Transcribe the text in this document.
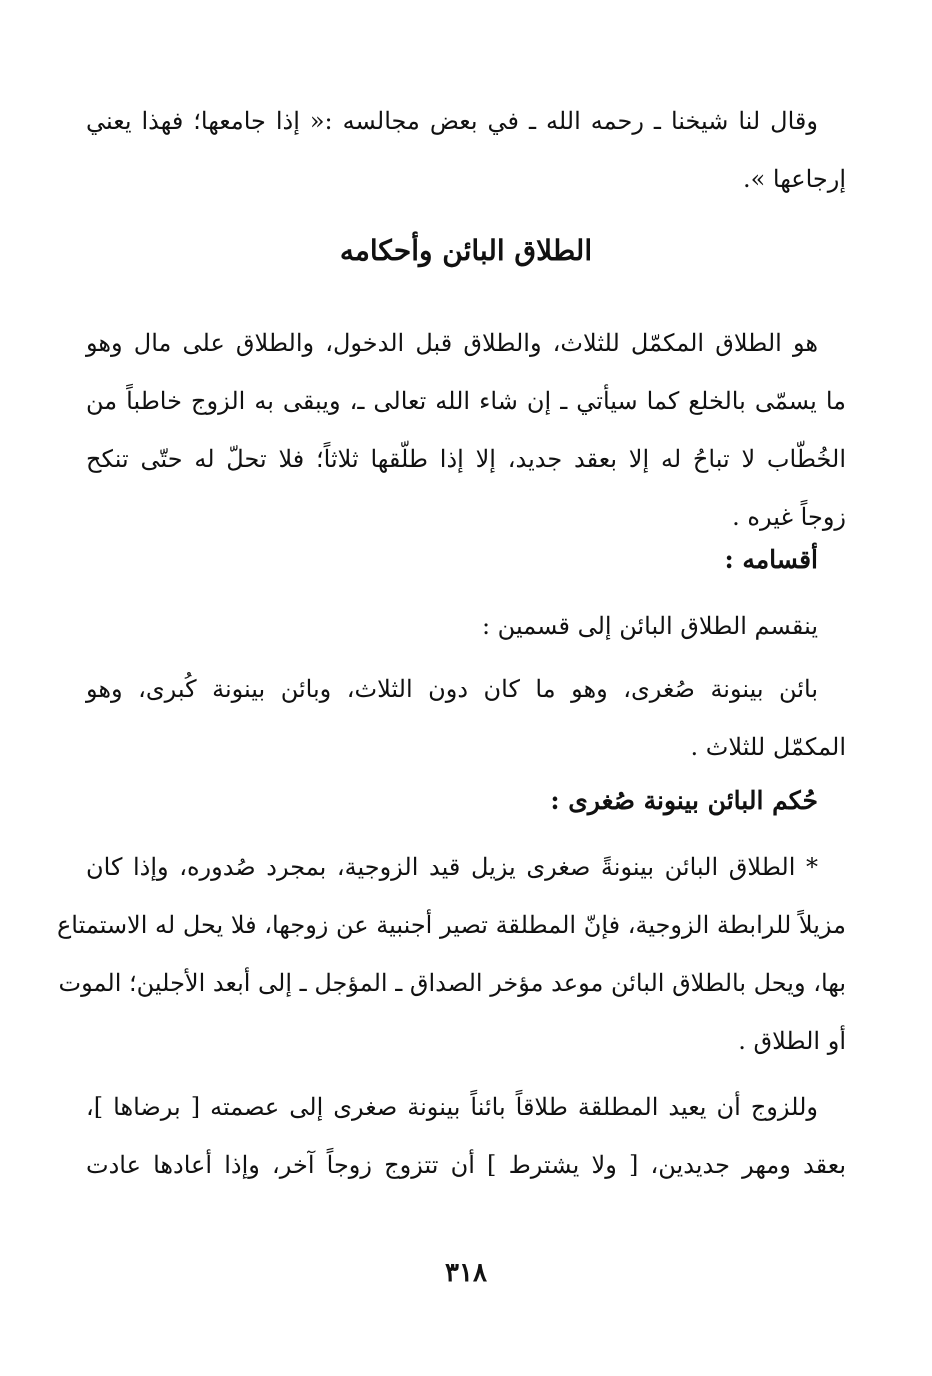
وقال لنا شيخنا ـ رحمه الله ـ في بعض مجالسه :« إذا جامعها؛ فهذا يعني
إرجاعها ».
الطلاق البائن وأحكامه
هو الطلاق المكمّل للثلاث، والطلاق قبل الدخول، والطلاق على مال وهو
ما يسمّى بالخلع كما سيأتي ـ إن شاء الله تعالى ـ، ويبقى به الزوج خاطباً من
الخُطّاب لا تباحُ له إلا بعقد جديد، إلا إذا طلّقها ثلاثاً؛ فلا تحلّ له حتّى تنكح
زوجاً غيره .
أقسامه :
ينقسم الطلاق البائن إلى قسمين :
بائن بينونة صُغرى، وهو ما كان دون الثلاث، وبائن بينونة كُبرى، وهو
المكمّل للثلاث .
حُكم البائن بينونة صُغرى :
* الطلاق البائن بينونةً صغرى يزيل قيد الزوجية، بمجرد صُدوره، وإذا كان
مزيلاً للرابطة الزوجية، فإنّ المطلقة تصير أجنبية عن زوجها، فلا يحل له الاستمتاع
بها، ويحل بالطلاق البائن موعد مؤخر الصداق ـ المؤجل ـ إلى أبعد الأجلين؛ الموت
أو الطلاق .
وللزوج أن يعيد المطلقة طلاقاً بائناً بينونة صغرى إلى عصمته [ برضاها ]،
بعقد ومهر جديدين، [ ولا يشترط ] أن تتزوج زوجاً آخر، وإذا أعادها عادت
٣١٨
